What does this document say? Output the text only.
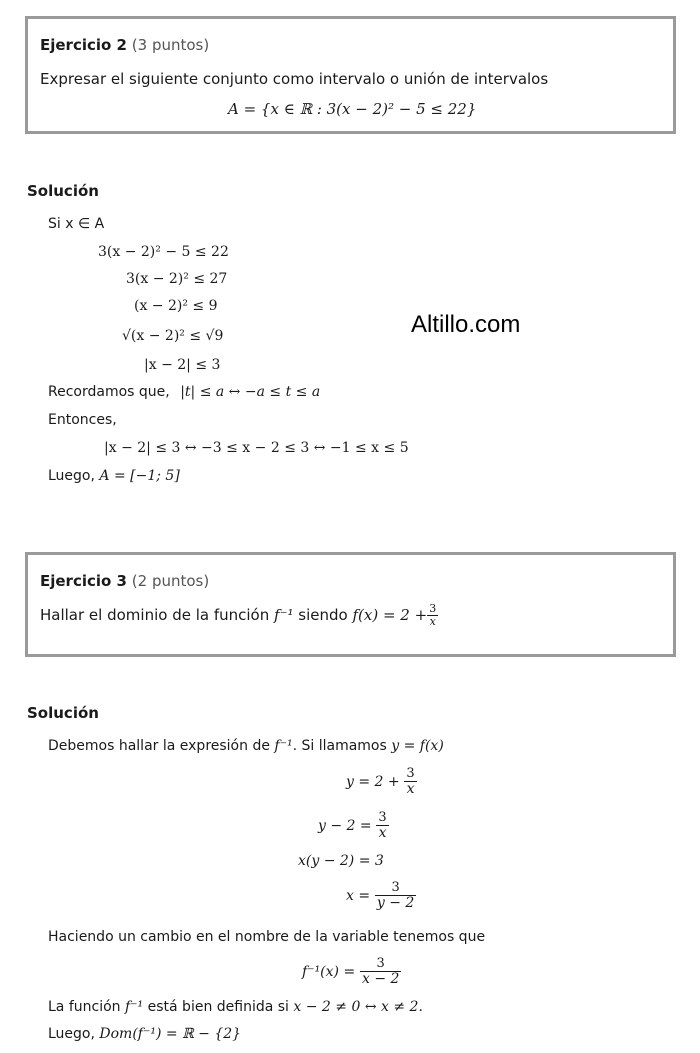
Ejercicio 2 (3 puntos)
Expresar el siguiente conjunto como intervalo o unión de intervalos
A = {x ∈ ℝ : 3(x − 2)² − 5 ≤ 22}
Solución
Si x ∈ A
3(x − 2)² − 5 ≤ 22
3(x − 2)² ≤ 27
(x − 2)² ≤ 9
√(x − 2)² ≤ √9
|x − 2| ≤ 3
Recordamos que, |t| ≤ a ↔ −a ≤ t ≤ a
Entonces,
|x − 2| ≤ 3 ↔ −3 ≤ x − 2 ≤ 3 ↔ −1 ≤ x ≤ 5
Luego, A = [−1; 5]
Altillo.com
Ejercicio 3 (2 puntos)
Hallar el dominio de la función f⁻¹ siendo $f(x) = 2 + \frac{3}{x}$
Solución
Debemos hallar la expresión de f⁻¹. Si llamamos y = f(x)
$y = 2 + \frac{3}{x}$
$y - 2 = \frac{3}{x}$
x(y − 2) = 3
$x = \frac{3}{y - 2}$
Haciendo un cambio en el nombre de la variable tenemos que
$f^{-1}(x) = \frac{3}{x - 2}$
La función f⁻¹ está bien definida si x − 2 ≠ 0 ↔ x ≠ 2.
Luego, Dom(f⁻¹) = ℝ − {2}
